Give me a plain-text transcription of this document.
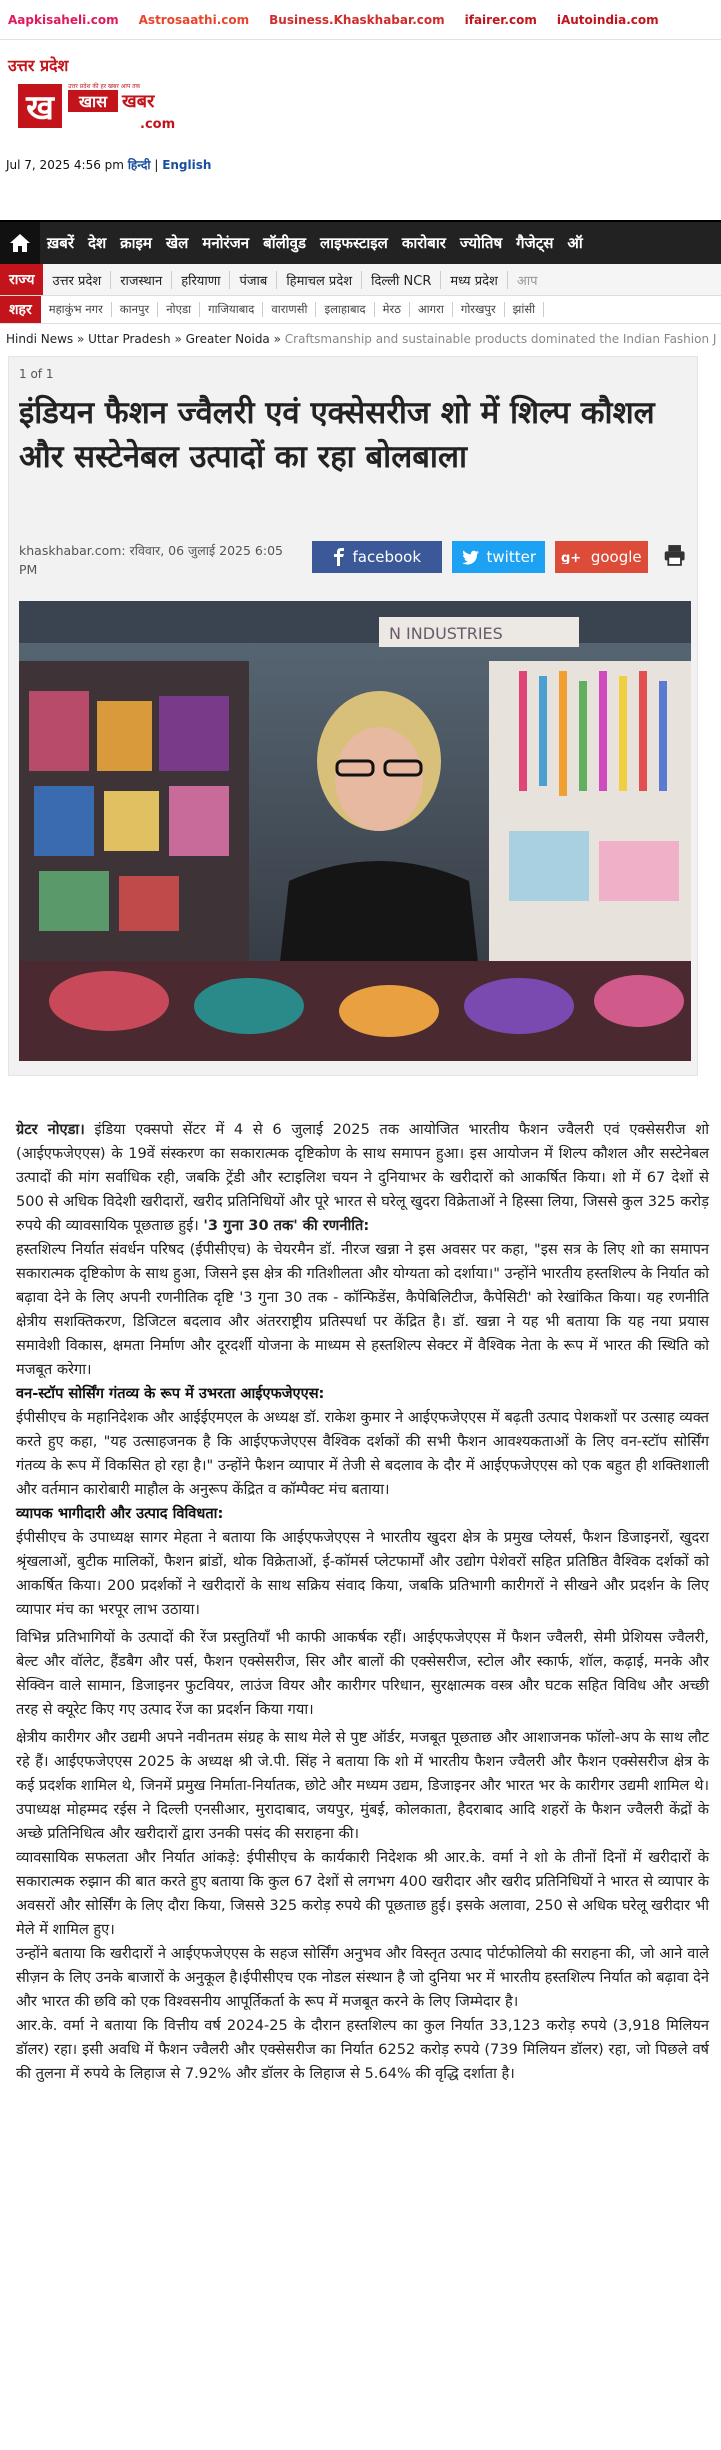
Aapkisaheli.com Astrosaathi.com Business.Khaskhabar.com ifairer.com iAutoindia.com
उत्तर प्रदेश
ख खास खबर
.com
उत्तर प्रदेश की हर खबर आप तक
Jul 7, 2025 4:56 pm हिन्दी | English
ख़बरें देश क्राइम खेल मनोरंजन बॉलीवुड लाइफस्टाइल कारोबार ज्योतिष गैजेट्स ऑ
राज्य	उत्तर प्रदेश	राजस्थान	हरियाणा	पंजाब	हिमाचल प्रदेश	दिल्ली NCR	मध्य प्रदेश	आप
शहर	महाकुंभ नगर	कानपुर	नोएडा	गाजियाबाद	वाराणसी	इलाहाबाद	मेरठ	आगरा	गोरखपुर	झांसी
Hindi News » Uttar Pradesh » Greater Noida » Craftsmanship and sustainable products dominated the Indian Fashion J
1 of 1
इंडियन फैशन ज्वैलरी एवं एक्सेसरीज शो में शिल्प कौशल और सस्टेनेबल उत्पादों का रहा बोलबाला
khaskhabar.com: रविवार, 06 जुलाई 2025 6:05 PM
facebook	twitter g+ google
N INDUSTRIES

ग्रेटर नोएडा। इंडिया एक्सपो सेंटर में 4 से 6 जुलाई 2025 तक आयोजित भारतीय फैशन ज्वैलरी एवं एक्सेसरीज शो (आईएफजेएएस) के 19वें संस्करण का सकारात्मक दृष्टिकोण के साथ समापन हुआ। इस आयोजन में शिल्प कौशल और सस्टेनेबल उत्पादों की मांग सर्वाधिक रही, जबकि ट्रेंडी और स्टाइलिश चयन ने दुनियाभर के खरीदारों को आकर्षित किया। शो में 67 देशों से 500 से अधिक विदेशी खरीदारों, खरीद प्रतिनिधियों और पूरे भारत से घरेलू खुदरा विक्रेताओं ने हिस्सा लिया, जिससे कुल 325 करोड़ रुपये की व्यावसायिक पूछताछ हुई। '3 गुना 30 तक' की रणनीति:

हस्तशिल्प निर्यात संवर्धन परिषद (ईपीसीएच) के चेयरमैन डॉ. नीरज खन्ना ने इस अवसर पर कहा, "इस सत्र के लिए शो का समापन सकारात्मक दृष्टिकोण के साथ हुआ, जिसने इस क्षेत्र की गतिशीलता और योग्यता को दर्शाया।" उन्होंने भारतीय हस्तशिल्प के निर्यात को बढ़ावा देने के लिए अपनी रणनीतिक दृष्टि '3 गुना 30 तक - कॉन्फिडेंस, कैपेबिलिटीज, कैपेसिटी' को रेखांकित किया। यह रणनीति क्षेत्रीय सशक्तिकरण, डिजिटल बदलाव और अंतरराष्ट्रीय प्रतिस्पर्धा पर केंद्रित है। डॉ. खन्ना ने यह भी बताया कि यह नया प्रयास समावेशी विकास, क्षमता निर्माण और दूरदर्शी योजना के माध्यम से हस्तशिल्प सेक्टर में वैश्विक नेता के रूप में भारत की स्थिति को मजबूत करेगा।

वन-स्टॉप सोर्सिंग गंतव्य के रूप में उभरता आईएफजेएएस:

ईपीसीएच के महानिदेशक और आईईएमएल के अध्यक्ष डॉ. राकेश कुमार ने आईएफजेएएस में बढ़ती उत्पाद पेशकशों पर उत्साह व्यक्त करते हुए कहा, "यह उत्साहजनक है कि आईएफजेएएस वैश्विक दर्शकों की सभी फैशन आवश्यकताओं के लिए वन-स्टॉप सोर्सिंग गंतव्य के रूप में विकसित हो रहा है।" उन्होंने फैशन व्यापार में तेजी से बदलाव के दौर में आईएफजेएएस को एक बहुत ही शक्तिशाली और वर्तमान कारोबारी माहौल के अनुरूप केंद्रित व कॉम्पैक्ट मंच बताया।

व्यापक भागीदारी और उत्पाद विविधता:

ईपीसीएच के उपाध्यक्ष सागर मेहता ने बताया कि आईएफजेएएस ने भारतीय खुदरा क्षेत्र के प्रमुख प्लेयर्स, फैशन डिजाइनरों, खुदरा श्रृंखलाओं, बुटीक मालिकों, फैशन ब्रांडों, थोक विक्रेताओं, ई-कॉमर्स प्लेटफार्मों और उद्योग पेशेवरों सहित प्रतिष्ठित वैश्विक दर्शकों को आकर्षित किया। 200 प्रदर्शकों ने खरीदारों के साथ सक्रिय संवाद किया, जबकि प्रतिभागी कारीगरों ने सीखने और प्रदर्शन के लिए व्यापार मंच का भरपूर लाभ उठाया।

विभिन्न प्रतिभागियों के उत्पादों की रेंज प्रस्तुतियाँ भी काफी आकर्षक रहीं। आईएफजेएएस में फैशन ज्वैलरी, सेमी प्रेशियस ज्वैलरी, बेल्ट और वॉलेट, हैंडबैग और पर्स, फैशन एक्सेसरीज, सिर और बालों की एक्सेसरीज, स्टोल और स्कार्फ, शॉल, कढ़ाई, मनके और सेक्विन वाले सामान, डिजाइनर फुटवियर, लाउंज वियर और कारीगर परिधान, सुरक्षात्मक वस्त्र और घटक सहित विविध और अच्छी तरह से क्यूरेट किए गए उत्पाद रेंज का प्रदर्शन किया गया।

क्षेत्रीय कारीगर और उद्यमी अपने नवीनतम संग्रह के साथ मेले से पुष्ट ऑर्डर, मजबूत पूछताछ और आशाजनक फॉलो-अप के साथ लौट रहे हैं। आईएफजेएएस 2025 के अध्यक्ष श्री जे.पी. सिंह ने बताया कि शो में भारतीय फैशन ज्वैलरी और फैशन एक्सेसरीज क्षेत्र के कई प्रदर्शक शामिल थे, जिनमें प्रमुख निर्माता-निर्यातक, छोटे और मध्यम उद्यम, डिजाइनर और भारत भर के कारीगर उद्यमी शामिल थे। उपाध्यक्ष मोहम्मद रईस ने दिल्ली एनसीआर, मुरादाबाद, जयपुर, मुंबई, कोलकाता, हैदराबाद आदि शहरों के फैशन ज्वैलरी केंद्रों के अच्छे प्रतिनिधित्व और खरीदारों द्वारा उनकी पसंद की सराहना की।

व्यावसायिक सफलता और निर्यात आंकड़े: ईपीसीएच के कार्यकारी निदेशक श्री आर.के. वर्मा ने शो के तीनों दिनों में खरीदारों के सकारात्मक रुझान की बात करते हुए बताया कि कुल 67 देशों से लगभग 400 खरीदार और खरीद प्रतिनिधियों ने भारत से व्यापार के अवसरों और सोर्सिंग के लिए दौरा किया, जिससे 325 करोड़ रुपये की पूछताछ हुई। इसके अलावा, 250 से अधिक घरेलू खरीदार भी मेले में शामिल हुए।

उन्होंने बताया कि खरीदारों ने आईएफजेएएस के सहज सोर्सिंग अनुभव और विस्तृत उत्पाद पोर्टफोलियो की सराहना की, जो आने वाले सीज़न के लिए उनके बाजारों के अनुकूल है।ईपीसीएच एक नोडल संस्थान है जो दुनिया भर में भारतीय हस्तशिल्प निर्यात को बढ़ावा देने और भारत की छवि को एक विश्वसनीय आपूर्तिकर्ता के रूप में मजबूत करने के लिए जिम्मेदार है।

आर.के. वर्मा ने बताया कि वित्तीय वर्ष 2024-25 के दौरान हस्तशिल्प का कुल निर्यात 33,123 करोड़ रुपये (3,918 मिलियन डॉलर) रहा। इसी अवधि में फैशन ज्वैलरी और एक्सेसरीज का निर्यात 6252 करोड़ रुपये (739 मिलियन डॉलर) रहा, जो पिछले वर्ष की तुलना में रुपये के लिहाज से 7.92% और डॉलर के लिहाज से 5.64% की वृद्धि दर्शाता है।
